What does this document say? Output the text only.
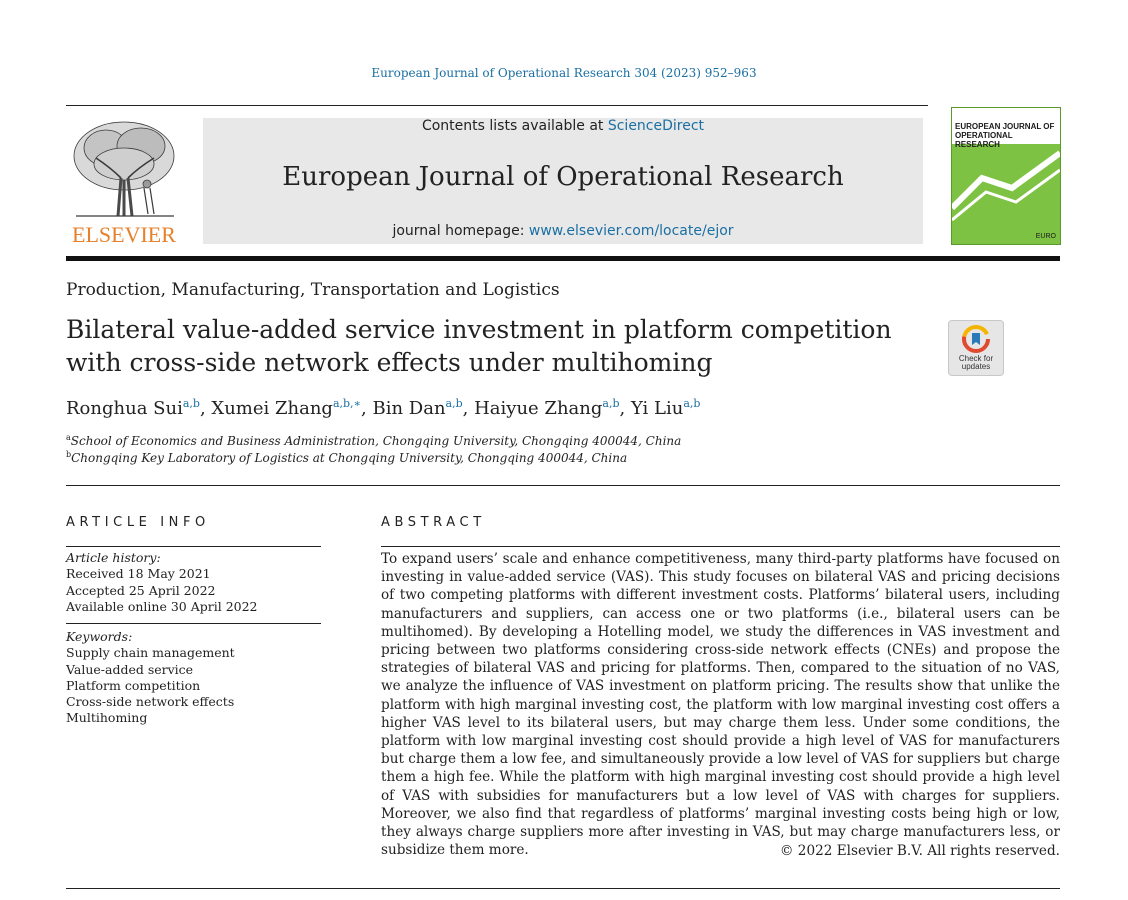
European Journal of Operational Research 304 (2023) 952–963
ELSEVIER
Contents lists available at ScienceDirect
European Journal of Operational Research
journal homepage: www.elsevier.com/locate/ejor
EUROPEAN JOURNAL OF OPERATIONAL RESEARCH
EURO
Production, Manufacturing, Transportation and Logistics
Bilateral value-added service investment in platform competition with cross-side network effects under multihoming	Check for updates
Ronghua Sui$^{a,b}$, Xumei Zhang$^{a,b,∗}$, Bin Dan$^{a,b}$, Haiyue Zhang$^{a,b}$, Yi Liu$^{a,b}$
$^a$School of Economics and Business Administration, Chongqing University, Chongqing 400044, China
$^b$Chongqing Key Laboratory of Logistics at Chongqing University, Chongqing 400044, China
ARTICLE INFO
Article history:
Received 18 May 2021
Accepted 25 April 2022
Available online 30 April 2022
Keywords:
Supply chain management
Value-added service
Platform competition
Cross-side network effects
Multihoming
ABSTRACT
To expand users’ scale and enhance competitiveness, many third-party platforms have focused on investing in value-added service (VAS). This study focuses on bilateral VAS and pricing decisions of two competing platforms with different investment costs. Platforms’ bilateral users, including manufacturers and suppliers, can access one or two platforms (i.e., bilateral users can be multihomed). By developing a Hotelling model, we study the differences in VAS investment and pricing between two platforms considering cross-side network effects (CNEs) and propose the strategies of bilateral VAS and pricing for platforms. Then, compared to the situation of no VAS, we analyze the influence of VAS investment on platform pricing. The results show that unlike the platform with high marginal investing cost, the platform with low marginal investing cost offers a higher VAS level to its bilateral users, but may charge them less. Under some conditions, the platform with low marginal investing cost should provide a high level of VAS for manufacturers but charge them a low fee, and simultaneously provide a low level of VAS for suppliers but charge them a high fee. While the platform with high marginal investing cost should provide a high level of VAS with subsidies for manufacturers but a low level of VAS with charges for suppliers. Moreover, we also find that regardless of platforms’ marginal investing costs being high or low, they always charge suppliers more after investing in VAS, but may charge manufacturers less, or subsidize them more.	© 2022 Elsevier B.V. All rights reserved.
